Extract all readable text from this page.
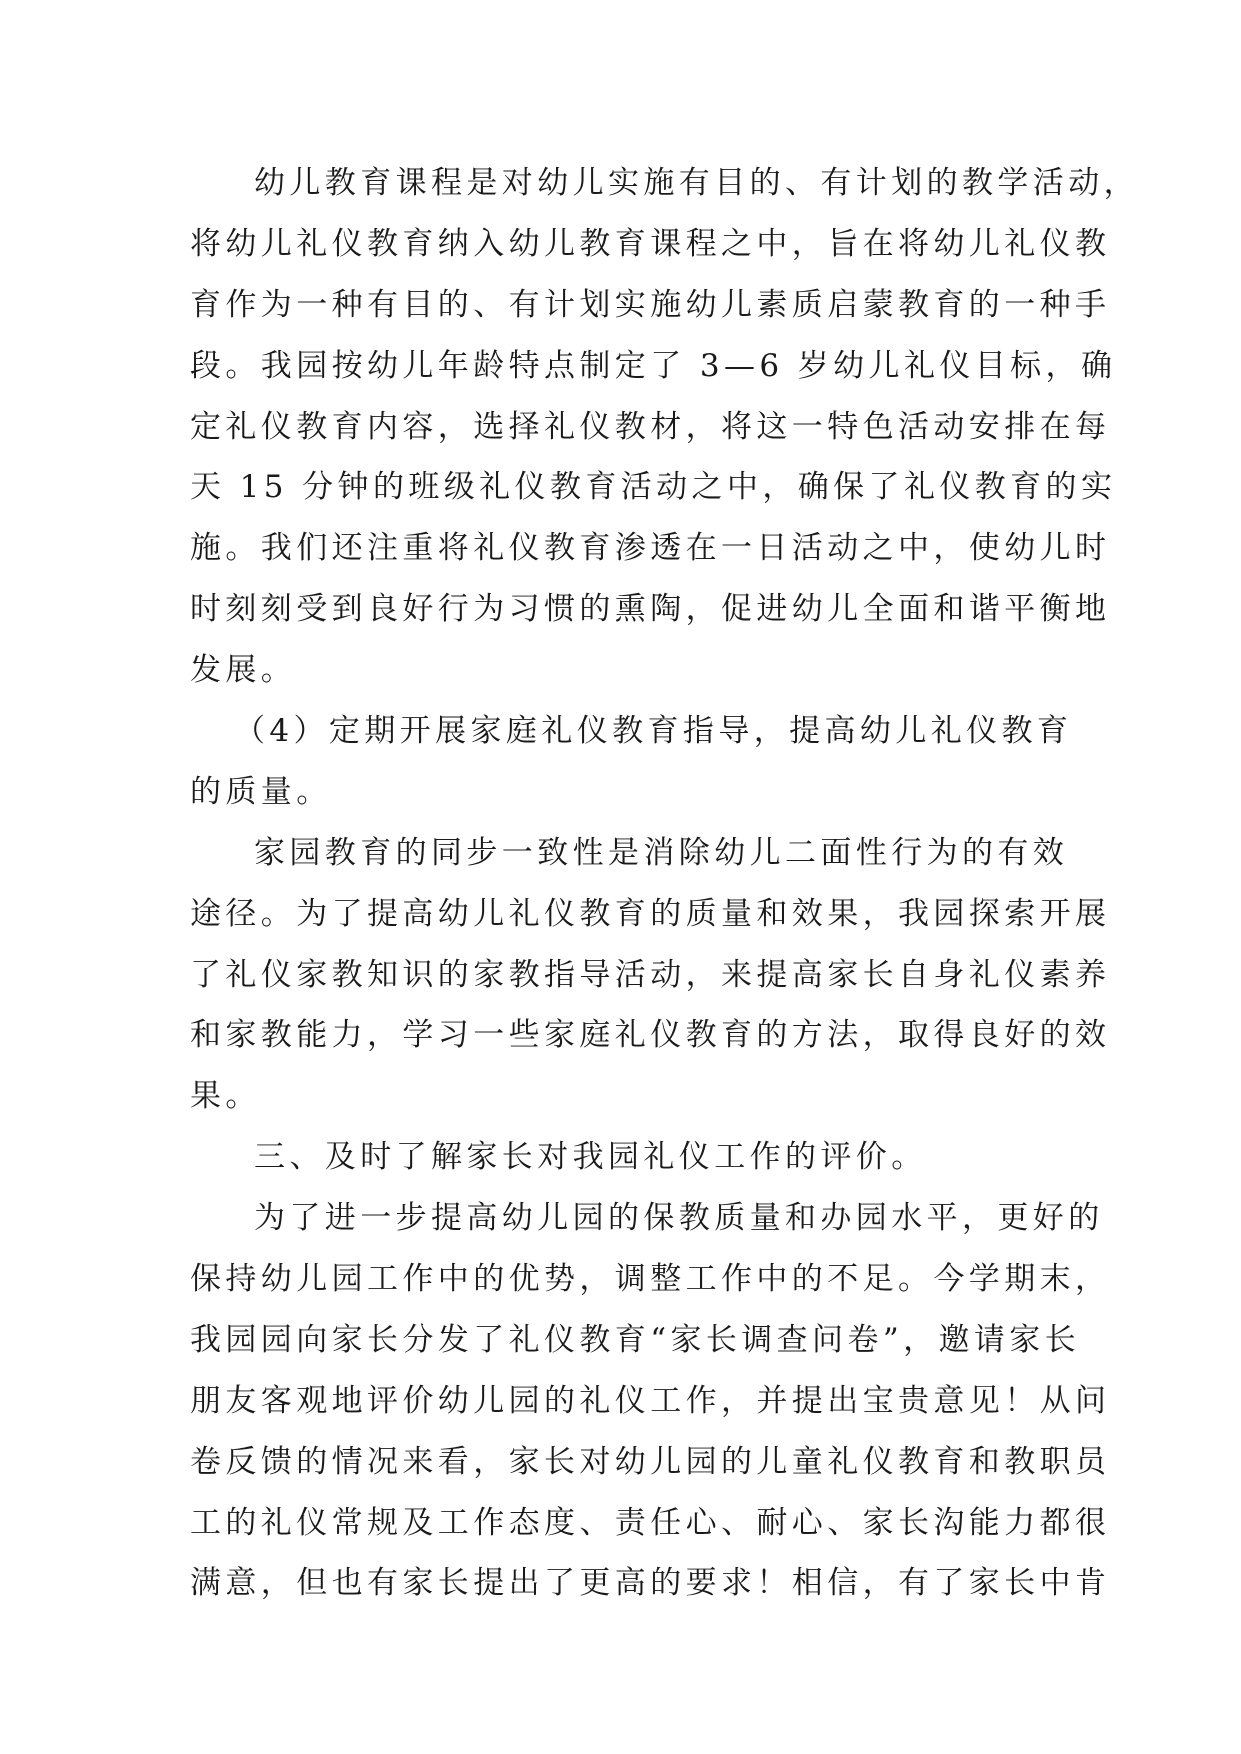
幼儿教育课程是对幼儿实施有目的、有计划的教学活动，
将幼儿礼仪教育纳入幼儿教育课程之中，旨在将幼儿礼仪教
育作为一种有目的、有计划实施幼儿素质启蒙教育的一种手
段。我园按幼儿年龄特点制定了 3—6 岁幼儿礼仪目标，确
定礼仪教育内容，选择礼仪教材，将这一特色活动安排在每
天 15 分钟的班级礼仪教育活动之中，确保了礼仪教育的实
施。我们还注重将礼仪教育渗透在一日活动之中，使幼儿时
时刻刻受到良好行为习惯的熏陶，促进幼儿全面和谐平衡地
发展。
（4）定期开展家庭礼仪教育指导，提高幼儿礼仪教育
的质量。
家园教育的同步一致性是消除幼儿二面性行为的有效
途径。为了提高幼儿礼仪教育的质量和效果，我园探索开展
了礼仪家教知识的家教指导活动，来提高家长自身礼仪素养
和家教能力，学习一些家庭礼仪教育的方法，取得良好的效
果。
三、及时了解家长对我园礼仪工作的评价。
为了进一步提高幼儿园的保教质量和办园水平，更好的
保持幼儿园工作中的优势，调整工作中的不足。今学期末，
我园园向家长分发了礼仪教育“家长调查问卷”，邀请家长
朋友客观地评价幼儿园的礼仪工作，并提出宝贵意见！从问
卷反馈的情况来看，家长对幼儿园的儿童礼仪教育和教职员
工的礼仪常规及工作态度、责任心、耐心、家长沟能力都很
满意，但也有家长提出了更高的要求！相信，有了家长中肯
